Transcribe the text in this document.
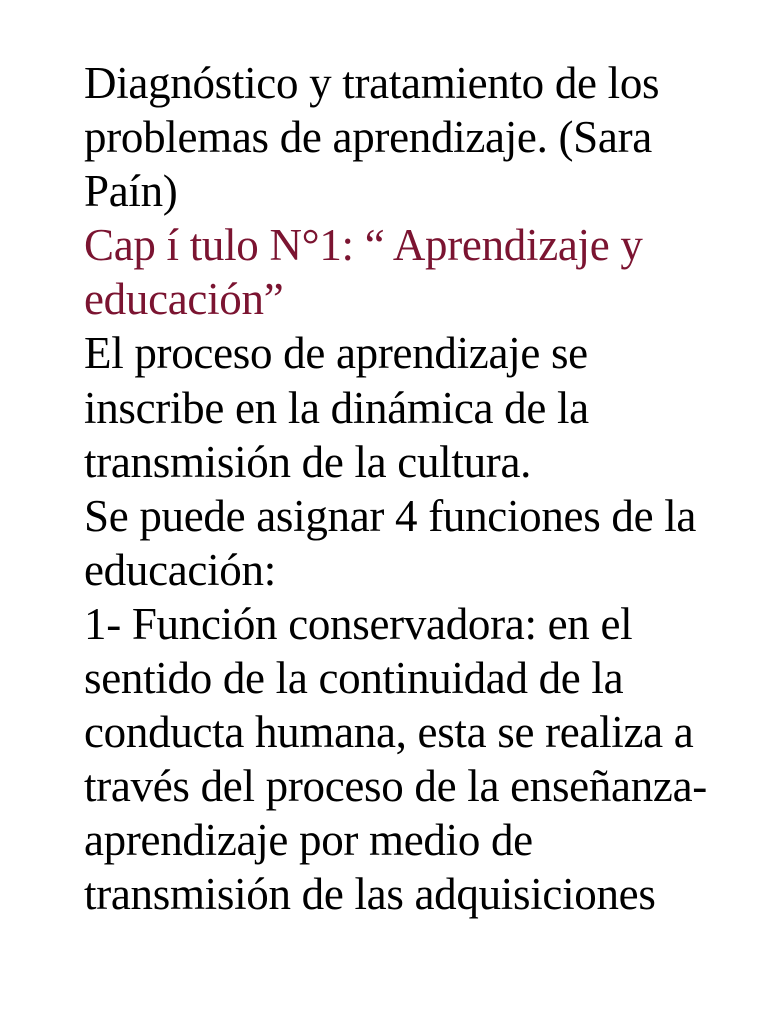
Diagnóstico y tratamiento de los
problemas de aprendizaje. (Sara
Paín)
Cap í tulo N°1: “ Aprendizaje y
educación”
El proceso de aprendizaje se
inscribe en la dinámica de la
transmisión de la cultura.
Se puede asignar 4 funciones de la
educación:
1- Función conservadora: en el
sentido de la continuidad de la
conducta humana, esta se realiza a
través del proceso de la enseñanza-
aprendizaje por medio de
transmisión de las adquisiciones
